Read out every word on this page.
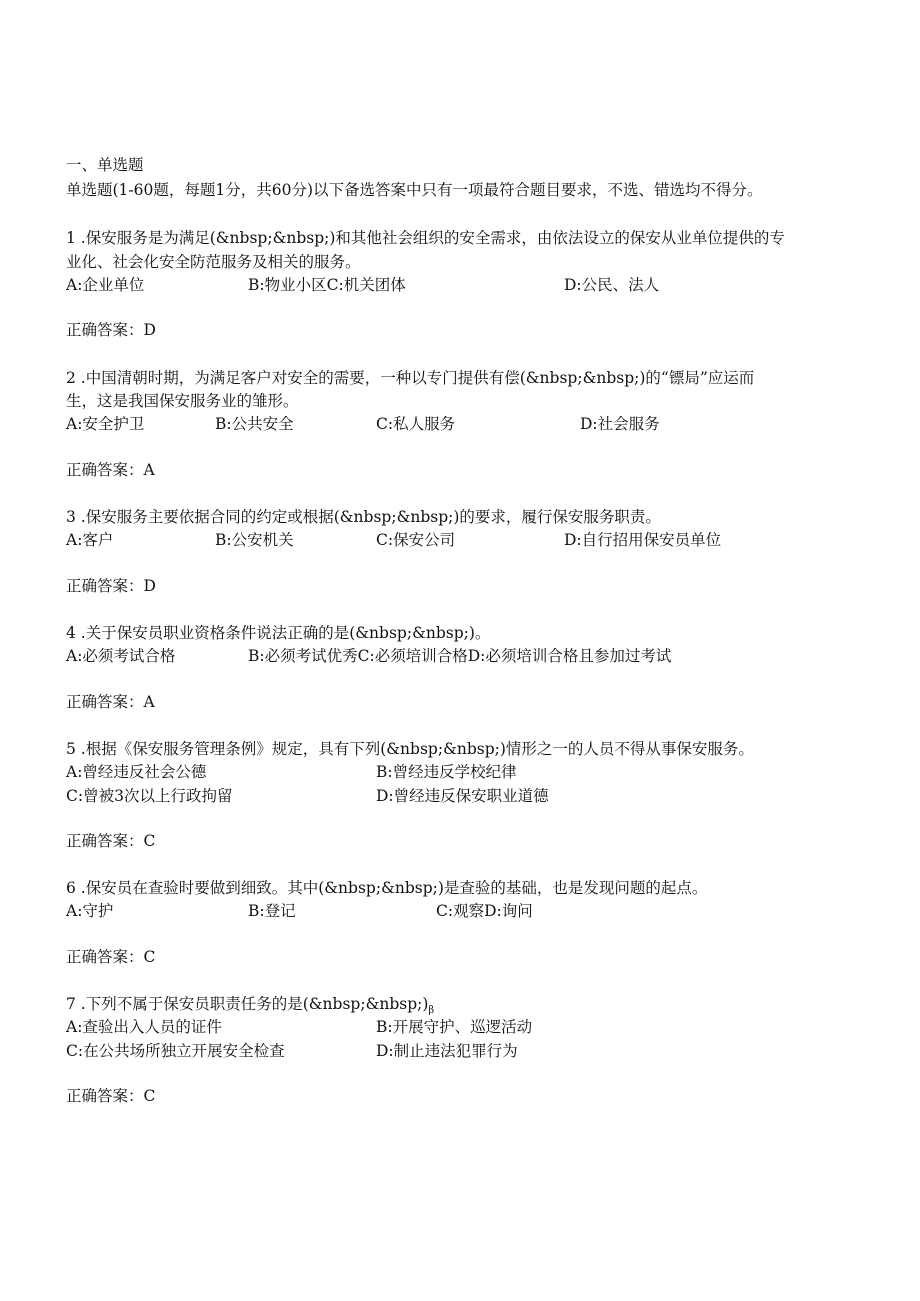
一、单选题
单选题(1-60题，每题1分，共60分)以下备选答案中只有一项最符合题目要求，不选、错选均不得分。
1 .保安服务是为满足(&nbsp;&nbsp;)和其他社会组织的安全需求，由依法设立的保安从业单位提供的专
业化、社会化安全防范服务及相关的服务。
A:企业单位	B:物业小区C:机关团体	D:公民、法人
正确答案：D
2 .中国清朝时期，为满足客户对安全的需要，一种以专门提供有偿(&nbsp;&nbsp;)的“镖局”应运而
生，这是我国保安服务业的雏形。
A:安全护卫	B:公共安全	C:私人服务	D:社会服务
正确答案：A
3 .保安服务主要依据合同的约定或根据(&nbsp;&nbsp;)的要求，履行保安服务职责。
A:客户	B:公安机关	C:保安公司	D:自行招用保安员单位
正确答案：D
4 .关于保安员职业资格条件说法正确的是(&nbsp;&nbsp;)。
A:必须考试合格	B:必须考试优秀C:必须培训合格D:必须培训合格且参加过考试
正确答案：A
5 .根据《保安服务管理条例》规定，具有下列(&nbsp;&nbsp;)情形之一的人员不得从事保安服务。
A:曾经违反社会公德	B:曾经违反学校纪律
C:曾被3次以上行政拘留	D:曾经违反保安职业道德
正确答案：C
6 .保安员在查验时要做到细致。其中(&nbsp;&nbsp;)是查验的基础，也是发现问题的起点。
A:守护	B:登记	C:观察D:询问
正确答案：C
7 .下列不属于保安员职责任务的是$(\&nbsp;\&nbsp;)_\beta$
A:查验出入人员的证件	B:开展守护、巡逻活动
C:在公共场所独立开展安全检查	D:制止违法犯罪行为
正确答案：C
